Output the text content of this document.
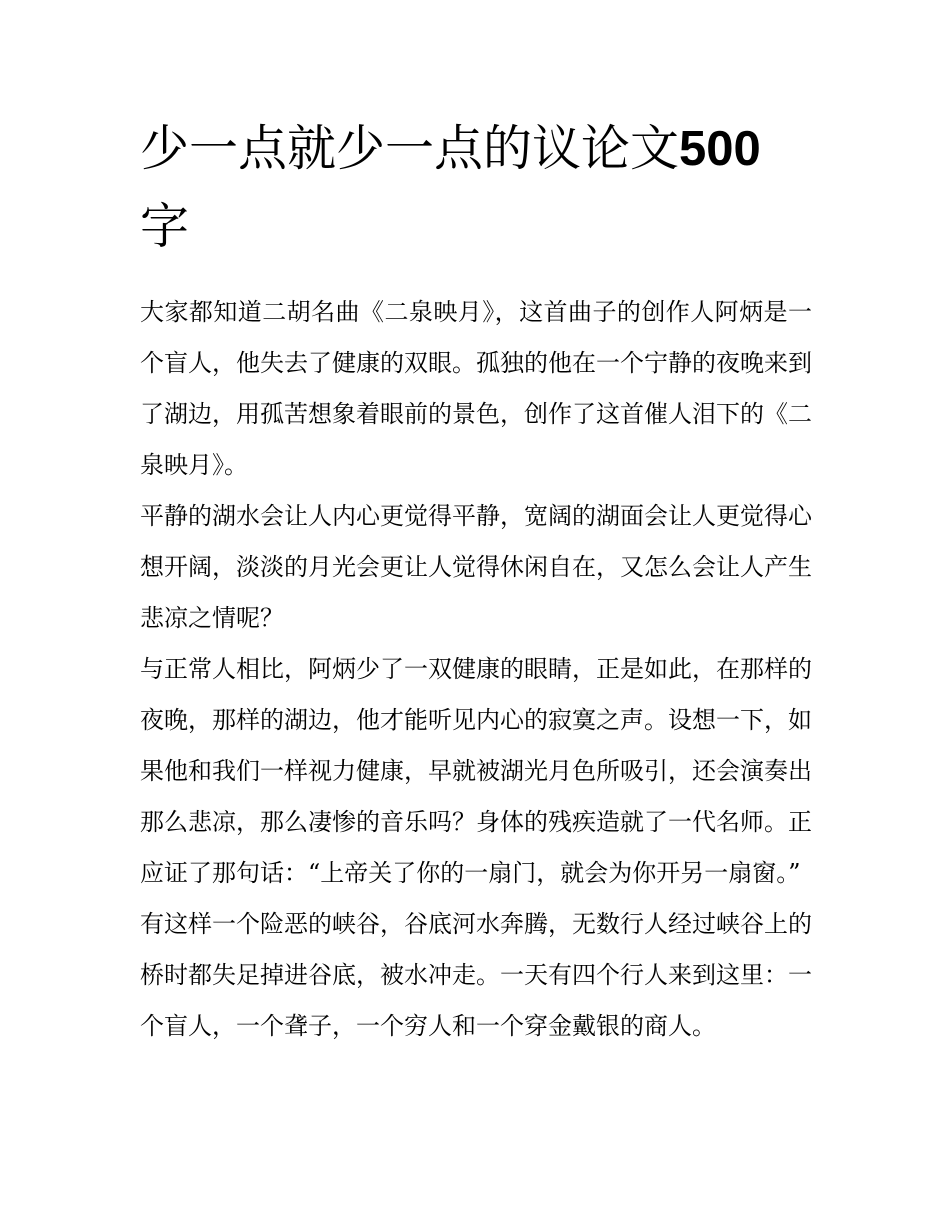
少一点就少一点的议论文500
字

大家都知道二胡名曲《二泉映月》，这首曲子的创作人阿炳是一个盲人，他失去了健康的双眼。孤独的他在一个宁静的夜晚来到了湖边，用孤苦想象着眼前的景色，创作了这首催人泪下的《二泉映月》。

平静的湖水会让人内心更觉得平静，宽阔的湖面会让人更觉得心想开阔，淡淡的月光会更让人觉得休闲自在，又怎么会让人产生悲凉之情呢？

与正常人相比，阿炳少了一双健康的眼睛，正是如此，在那样的夜晚，那样的湖边，他才能听见内心的寂寞之声。设想一下，如果他和我们一样视力健康，早就被湖光月色所吸引，还会演奏出那么悲凉，那么凄惨的音乐吗？身体的残疾造就了一代名师。正应证了那句话：“上帝关了你的一扇门，就会为你开另一扇窗。”

有这样一个险恶的峡谷，谷底河水奔腾，无数行人经过峡谷上的桥时都失足掉进谷底，被水冲走。一天有四个行人来到这里：一个盲人，一个聋子，一个穷人和一个穿金戴银的商人。
